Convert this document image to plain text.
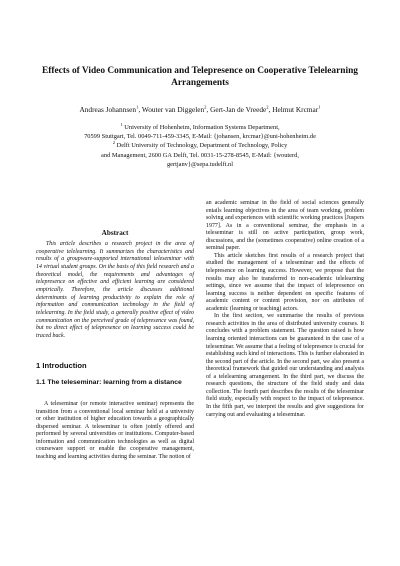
Effects of Video Communication and Telepresence on Cooperative Telelearning
Arrangements
Andreas Johannsen$^1$, Wouter van Diggelen$^2$, Gert-Jan de Vreede$^2$, Helmut Krcmar$^1$
$^1$ University of Hohenheim, Information Systems Department,
70599 Stuttgart, Tel. 0049-711-459-3345, E-Mail: {johansen, krcmar}@uni-hohenheim.de
$^2$ Delft University of Technology, Department of Technology, Policy
and Management, 2600 GA Delft, Tel. 0031-15-278-8545, E-Mail: {wouterd,
gertjanv}@sepa.tudelft.nl
Abstract
This article describes a research project in the area of cooperative telelearning. It summarizes the characteristics and results of a groupware-supported international teleseminar with 14 virtual student groups. On the basis of this field research and a theoretical model, the requirements and advantages of telepresence on effective and efficient learning are considered empirically. Therefore, the article discusses additional determinants of learning productivity to explain the role of information and communication technology in the field of telelearning. In the field study, a generally positive effect of video communication on the perceived grade of telepresence was found, but no direct effect of telepresence on learning success could be traced back.
1 Introduction
1.1 The teleseminar: learning from a distance
A teleseminar (or remote interactive seminar) represents the transition from a conventional local seminar held at a university or other institution of higher education towards a geographically dispersed seminar. A teleseminar is often jointly offered and performed by several universities or institutions. Computer-based information and communication technologies as well as digital courseware support or enable the cooperative management, teaching and learning activities during the seminar. The notion of

an academic seminar in the field of social sciences generally entails learning objectives in the area of team working, problem solving and experiences with scientific working practices [Juspers 1977]. As in a conventional seminar, the emphasis in a teleseminar is still on active participation, group work, discussions, and the (sometimes cooperative) online creation of a seminal paper.

This article sketches first results of a research project that studied the management of a teleseminar and the effects of telepresence on learning success. However, we propose that the results may also be transferred to non-academic telelearning settings, since we assume that the impact of telepresence on learning success is neither dependent on specific features of academic content or content provision, nor on attributes of academic (learning or teaching) actors.

In the first section, we summarise the results of previous research activities in the area of distributed university courses. It concludes with a problem statement. The question raised is how learning oriented interactions can be guaranteed in the case of a teleseminar. We assume that a feeling of telepresence is crucial for establishing such kind of interactions. This is further elaborated in the second part of the article. In the second part, we also present a theoretical framework that guided our understanding and analysis of a telelearning arrangement. In the third part, we discuss the research questions, the structure of the field study and data collection. The fourth part describes the results of the teleseminar field study, especially with respect to the impact of telepresence. In the fifth part, we interpret the results and give suggestions for carrying out and evaluating a teleseminar.
